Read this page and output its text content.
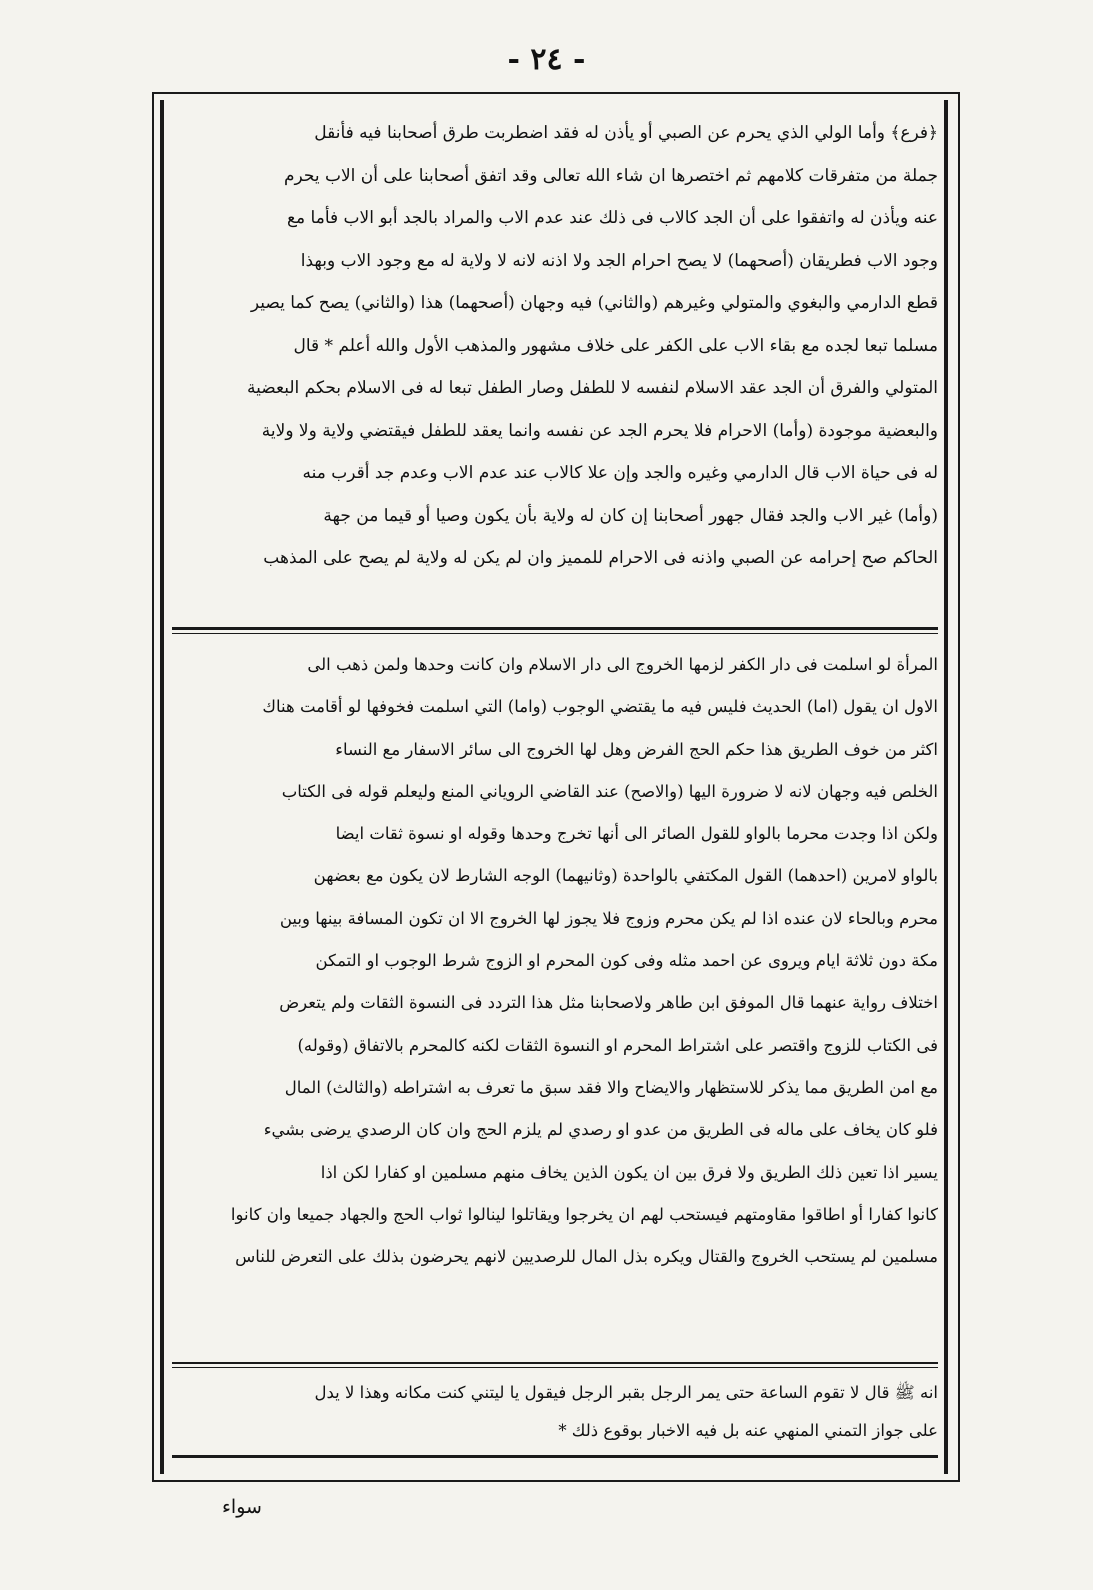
- ٢٤ -
﴿فرع﴾ وأما الولي الذي يحرم عن الصبي أو يأذن له فقد اضطربت طرق أصحابنا فيه فأنقل
جملة من متفرقات كلامهم ثم اختصرها ان شاء الله تعالى وقد اتفق أصحابنا على أن الاب يحرم
عنه ويأذن له واتفقوا على أن الجد كالاب فى ذلك عند عدم الاب والمراد بالجد أبو الاب فأما مع
وجود الاب فطريقان (أصحهما) لا يصح احرام الجد ولا اذنه لانه لا ولاية له مع وجود الاب وبهذا
قطع الدارمي والبغوي والمتولي وغيرهم (والثاني) فيه وجهان (أصحهما) هذا (والثاني) يصح كما يصير
مسلما تبعا لجده مع بقاء الاب على الكفر على خلاف مشهور والمذهب الأول والله أعلم * قال
المتولي والفرق أن الجد عقد الاسلام لنفسه لا للطفل وصار الطفل تبعا له فى الاسلام بحكم البعضية
والبعضية موجودة (وأما) الاحرام فلا يحرم الجد عن نفسه وانما يعقد للطفل فيقتضي ولاية ولا ولاية
له فى حياة الاب قال الدارمي وغيره والجد وإن علا كالاب عند عدم الاب وعدم جد أقرب منه
(وأما) غير الاب والجد فقال جهور أصحابنا إن كان له ولاية بأن يكون وصيا أو قيما من جهة
الحاكم صح إحرامه عن الصبي واذنه فى الاحرام للمميز وان لم يكن له ولاية لم يصح على المذهب
المرأة لو اسلمت فى دار الكفر لزمها الخروج الى دار الاسلام وان كانت وحدها ولمن ذهب الى
الاول ان يقول (اما) الحديث فليس فيه ما يقتضي الوجوب (واما) التي اسلمت فخوفها لو أقامت هناك
اكثر من خوف الطريق هذا حكم الحج الفرض وهل لها الخروج الى سائر الاسفار مع النساء
الخلص فيه وجهان لانه لا ضرورة اليها (والاصح) عند القاضي الروياني المنع وليعلم قوله فى الكتاب
ولكن اذا وجدت محرما بالواو للقول الصائر الى أنها تخرج وحدها وقوله او نسوة ثقات ايضا
بالواو لامرين (احدهما) القول المكتفي بالواحدة (وثانيهما) الوجه الشارط لان يكون مع بعضهن
محرم وبالحاء لان عنده اذا لم يكن محرم وزوج فلا يجوز لها الخروج الا ان تكون المسافة بينها وبين
مكة دون ثلاثة ايام ويروى عن احمد مثله وفى كون المحرم او الزوج شرط الوجوب او التمكن
اختلاف رواية عنهما قال الموفق ابن طاهر ولاصحابنا مثل هذا التردد فى النسوة الثقات ولم يتعرض
فى الكتاب للزوج واقتصر على اشتراط المحرم او النسوة الثقات لكنه كالمحرم بالاتفاق (وقوله)
مع امن الطريق مما يذكر للاستظهار والايضاح والا فقد سبق ما تعرف به اشتراطه (والثالث) المال
فلو كان يخاف على ماله فى الطريق من عدو او رصدي لم يلزم الحج وان كان الرصدي يرضى بشيء
يسير اذا تعين ذلك الطريق ولا فرق بين ان يكون الذين يخاف منهم مسلمين او كفارا لكن اذا
كانوا كفارا أو اطاقوا مقاومتهم فيستحب لهم ان يخرجوا ويقاتلوا لينالوا ثواب الحج والجهاد جميعا وان كانوا
مسلمين لم يستحب الخروج والقتال ويكره بذل المال للرصديين لانهم يحرضون بذلك على التعرض للناس
انه ﷺ قال لا تقوم الساعة حتى يمر الرجل بقبر الرجل فيقول يا ليتني كنت مكانه وهذا لا يدل
على جواز التمني المنهي عنه بل فيه الاخبار بوقوع ذلك *
سواء
